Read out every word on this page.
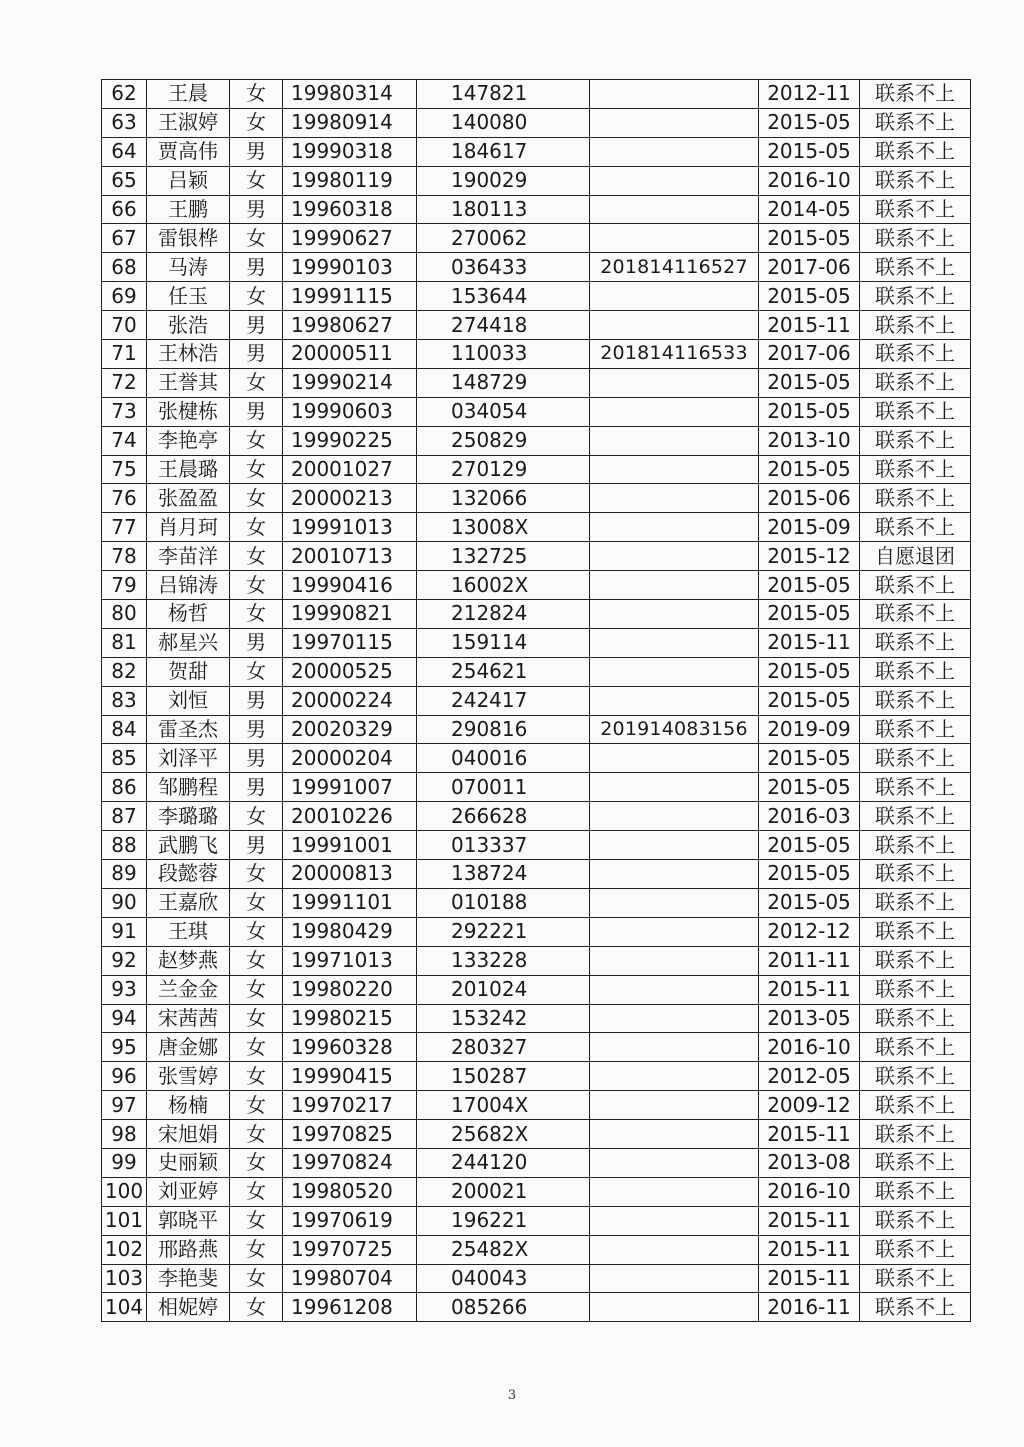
62	王晨	女	19980314	147821		2012-11	联系不上
63	王淑婷	女	19980914	140080		2015-05	联系不上
64	贾高伟	男	19990318	184617		2015-05	联系不上
65	吕颖	女	19980119	190029		2016-10	联系不上
66	王鹏	男	19960318	180113		2014-05	联系不上
67	雷银桦	女	19990627	270062		2015-05	联系不上
68	马涛	男	19990103	036433	201814116527	2017-06	联系不上
69	任玉	女	19991115	153644		2015-05	联系不上
70	张浩	男	19980627	274418		2015-11	联系不上
71	王林浩	男	20000511	110033	201814116533	2017-06	联系不上
72	王誉其	女	19990214	148729		2015-05	联系不上
73	张楗栋	男	19990603	034054		2015-05	联系不上
74	李艳亭	女	19990225	250829		2013-10	联系不上
75	王晨璐	女	20001027	270129		2015-05	联系不上
76	张盈盈	女	20000213	132066		2015-06	联系不上
77	肖月珂	女	19991013	13008X		2015-09	联系不上
78	李苗洋	女	20010713	132725		2015-12	自愿退团
79	吕锦涛	女	19990416	16002X		2015-05	联系不上
80	杨哲	女	19990821	212824		2015-05	联系不上
81	郝星兴	男	19970115	159114		2015-11	联系不上
82	贺甜	女	20000525	254621		2015-05	联系不上
83	刘恒	男	20000224	242417		2015-05	联系不上
84	雷圣杰	男	20020329	290816	201914083156	2019-09	联系不上
85	刘泽平	男	20000204	040016		2015-05	联系不上
86	邹鹏程	男	19991007	070011		2015-05	联系不上
87	李璐璐	女	20010226	266628		2016-03	联系不上
88	武鹏飞	男	19991001	013337		2015-05	联系不上
89	段懿蓉	女	20000813	138724		2015-05	联系不上
90	王嘉欣	女	19991101	010188		2015-05	联系不上
91	王琪	女	19980429	292221		2012-12	联系不上
92	赵梦燕	女	19971013	133228		2011-11	联系不上
93	兰金金	女	19980220	201024		2015-11	联系不上
94	宋茜茜	女	19980215	153242		2013-05	联系不上
95	唐金娜	女	19960328	280327		2016-10	联系不上
96	张雪婷	女	19990415	150287		2012-05	联系不上
97	杨楠	女	19970217	17004X		2009-12	联系不上
98	宋旭娟	女	19970825	25682X		2015-11	联系不上
99	史丽颖	女	19970824	244120		2013-08	联系不上
100	刘亚婷	女	19980520	200021		2016-10	联系不上
101	郭晓平	女	19970619	196221		2015-11	联系不上
102	邢路燕	女	19970725	25482X		2015-11	联系不上
103	李艳斐	女	19980704	040043		2015-11	联系不上
104	相妮婷	女	19961208	085266		2016-11	联系不上
3
